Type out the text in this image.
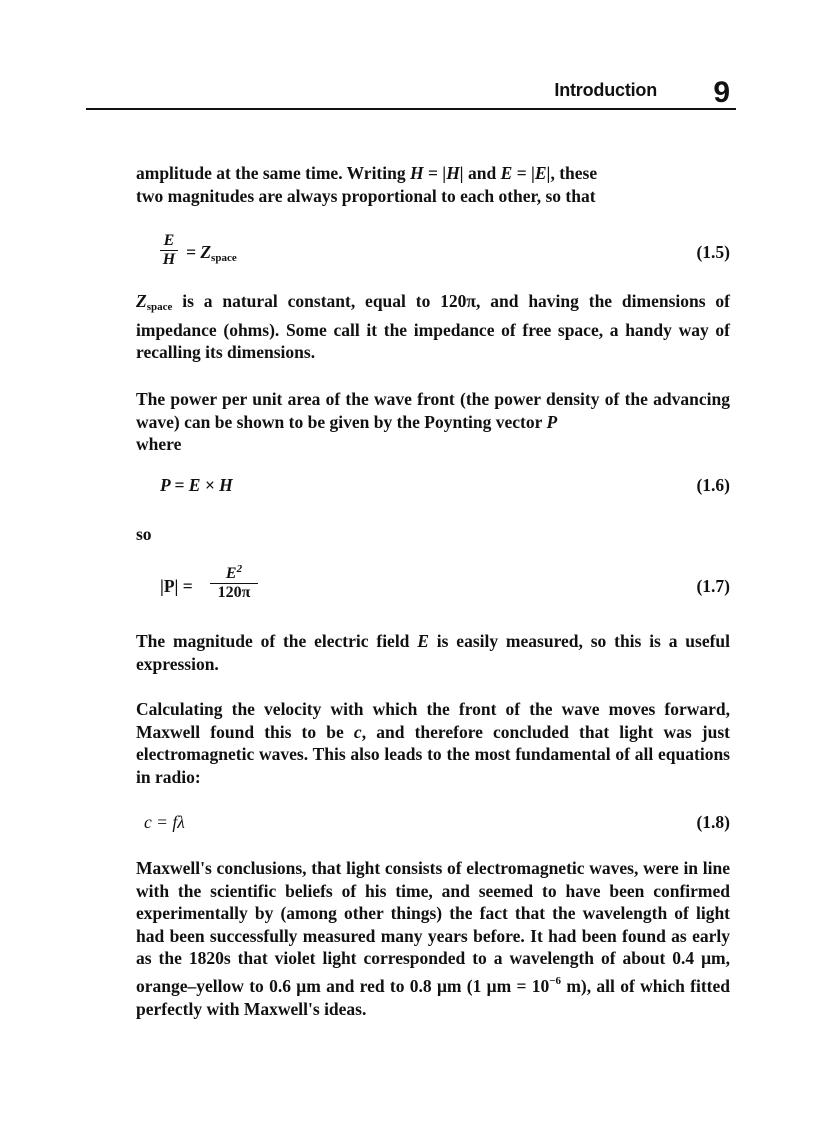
Introduction 9
amplitude at the same time. Writing H = |H| and E = |E|, these
two magnitudes are always proportional to each other, so that
E
$H = Z_{space}$	(1.5)
$Z_{space}$ is a natural constant, equal to 120π, and having the dimensions of impedance (ohms). Some call it the impedance of free space, a handy way of recalling its dimensions.
The power per unit area of the wave front (the power density of the advancing wave) can be shown to be given by the Poynting vector P
where
P = E × H	(1.6)
so
|P| =
$E^2$
120π	(1.7)
The magnitude of the electric field E is easily measured, so this is a useful expression.
Calculating the velocity with which the front of the wave moves forward, Maxwell found this to be c, and therefore concluded that light was just electromagnetic waves. This also leads to the most fundamental of all equations in radio:
c = fλ	(1.8)
Maxwell's conclusions, that light consists of electromagnetic waves, were in line with the scientific beliefs of his time, and seemed to have been confirmed experimentally by (among other things) the fact that the wavelength of light had been successfully measured many years before. It had been found as early as the 1820s that violet light corresponded to a wavelength of about 0.4 μm, orange–yellow to 0.6 μm and red to 0.8 μm (1 $\mu m = 10^{-6}$ m), all of which fitted perfectly with Maxwell's ideas.
